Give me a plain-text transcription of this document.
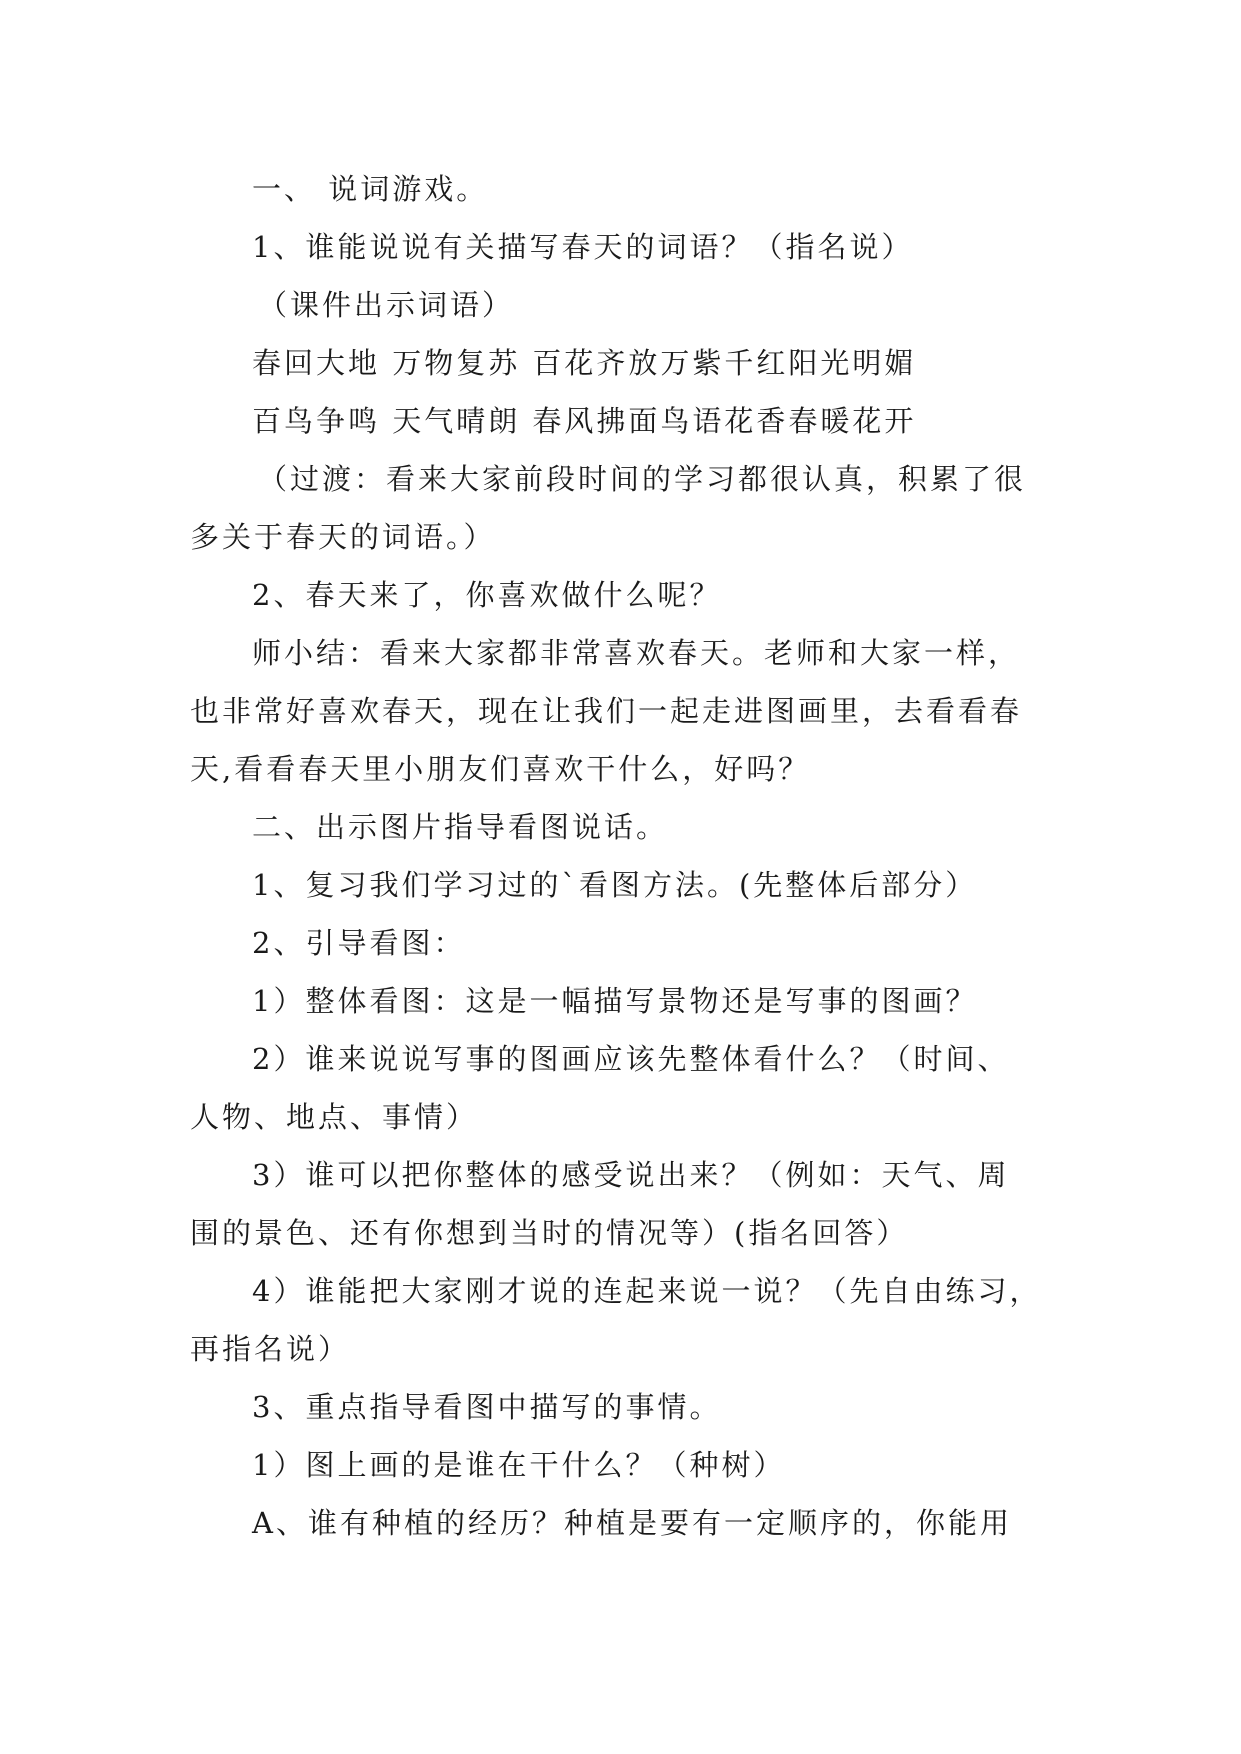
一、 说词游戏。
1、谁能说说有关描写春天的词语？（指名说）
（课件出示词语）
春回大地 万物复苏 百花齐放万紫千红阳光明媚
百鸟争鸣 天气晴朗 春风拂面鸟语花香春暖花开
（过渡：看来大家前段时间的学习都很认真，积累了很
多关于春天的词语。）
2、春天来了，你喜欢做什么呢？
师小结：看来大家都非常喜欢春天。老师和大家一样，
也非常好喜欢春天，现在让我们一起走进图画里，去看看春
天,看看春天里小朋友们喜欢干什么，好吗？
二、出示图片指导看图说话。
1、复习我们学习过的`看图方法。(先整体后部分）
2、引导看图：
1）整体看图：这是一幅描写景物还是写事的图画？
2）谁来说说写事的图画应该先整体看什么？（时间、
人物、地点、事情）
3）谁可以把你整体的感受说出来？（例如：天气、周
围的景色、还有你想到当时的情况等）(指名回答）
4）谁能把大家刚才说的连起来说一说？（先自由练习，
再指名说）
3、重点指导看图中描写的事情。
1）图上画的是谁在干什么？（种树）
A、谁有种植的经历？种植是要有一定顺序的，你能用
